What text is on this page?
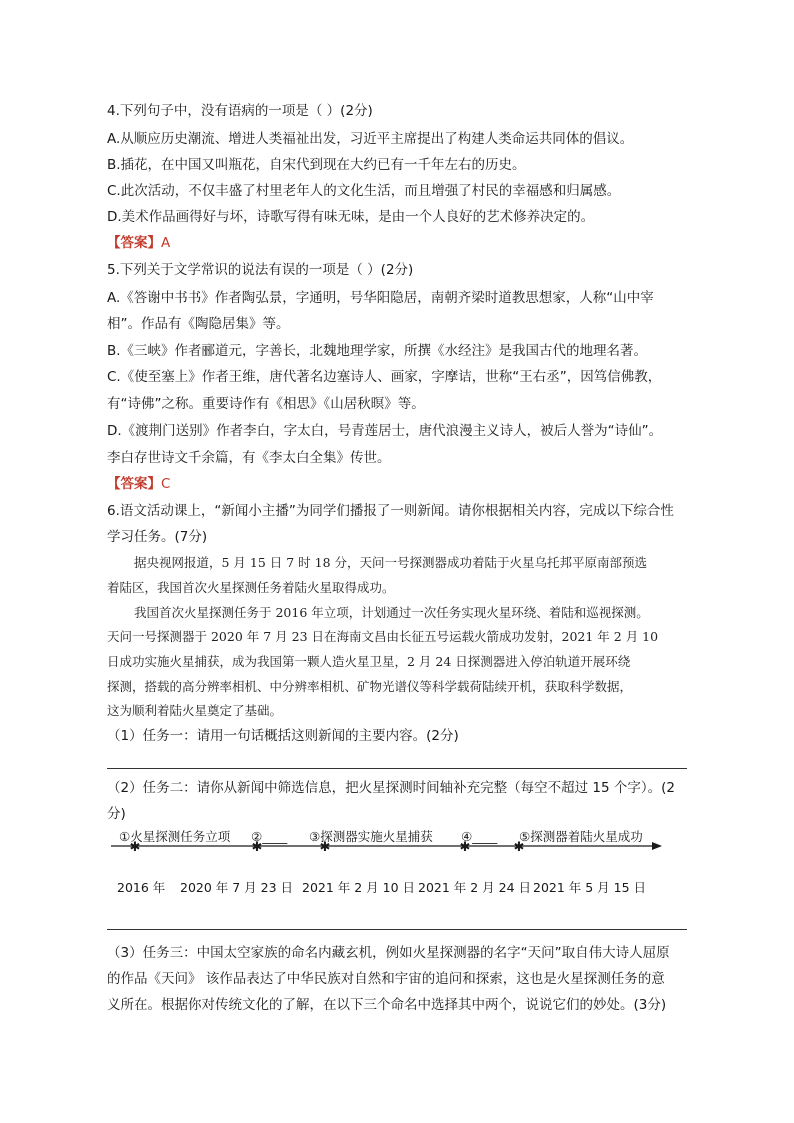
4.下列句子中，没有语病的一项是（ ）(2分)
A.从顺应历史潮流、增进人类福祉出发，习近平主席提出了构建人类命运共同体的倡议。
B.插花，在中国又叫瓶花，自宋代到现在大约已有一千年左右的历史。
C.此次活动，不仅丰盛了村里老年人的文化生活，而且增强了村民的幸福感和归属感。
D.美术作品画得好与坏，诗歌写得有味无味，是由一个人良好的艺术修养决定的。
【答案】A
5.下列关于文学常识的说法有误的一项是（ ）(2分)
A.《答谢中书书》作者陶弘景，字通明，号华阳隐居，南朝齐梁时道教思想家，人称“山中宰
相”。作品有《陶隐居集》等。
B.《三峡》作者郦道元，字善长，北魏地理学家，所撰《水经注》是我国古代的地理名著。
C.《使至塞上》作者王维，唐代著名边塞诗人、画家，字摩诘，世称“王右丞”，因笃信佛教，
有“诗佛”之称。重要诗作有《相思》《山居秋暝》等。
D.《渡荆门送别》作者李白，字太白，号青莲居士，唐代浪漫主义诗人，被后人誉为“诗仙”。
李白存世诗文千余篇，有《李太白全集》传世。
【答案】C
6.语文活动课上，“新闻小主播”为同学们播报了一则新闻。请你根据相关内容，完成以下综合性
学习任务。(7分)
据央视网报道，5 月 15 日 7 时 18 分，天问一号探测器成功着陆于火星乌托邦平原南部预选
着陆区，我国首次火星探测任务着陆火星取得成功。
我国首次火星探测任务于 2016 年立项，计划通过一次任务实现火星环绕、着陆和巡视探测。
天问一号探测器于 2020 年 7 月 23 日在海南文昌由长征五号运载火箭成功发射，2021 年 2 月 10
日成功实施火星捕获，成为我国第一颗人造火星卫星，2 月 24 日探测器进入停泊轨道开展环绕
探测，搭载的高分辨率相机、中分辨率相机、矿物光谱仪等科学载荷陆续开机，获取科学数据，
这为顺利着陆火星奠定了基础。
（1）任务一：请用一句话概括这则新闻的主要内容。(2分)
（2）任务二：请你从新闻中筛选信息，把火星探测时间轴补充完整（每空不超过 15 个字）。(2
分)
✱
①火星探测任务立项
✱
②____
✱
③探测器实施火星捕获
✱
④____
✱
⑤探测器着陆火星成功
2016 年 2020 年 7 月 23 日 2021 年 2 月 10 日 2021 年 2 月 24 日 2021 年 5 月 15 日
（3）任务三：中国太空家族的命名内藏玄机，例如火星探测器的名字“天问”取自伟大诗人屈原
的作品《天问》 该作品表达了中华民族对自然和宇宙的追问和探索，这也是火星探测任务的意
义所在。根据你对传统文化的了解，在以下三个命名中选择其中两个，说说它们的妙处。(3分)
